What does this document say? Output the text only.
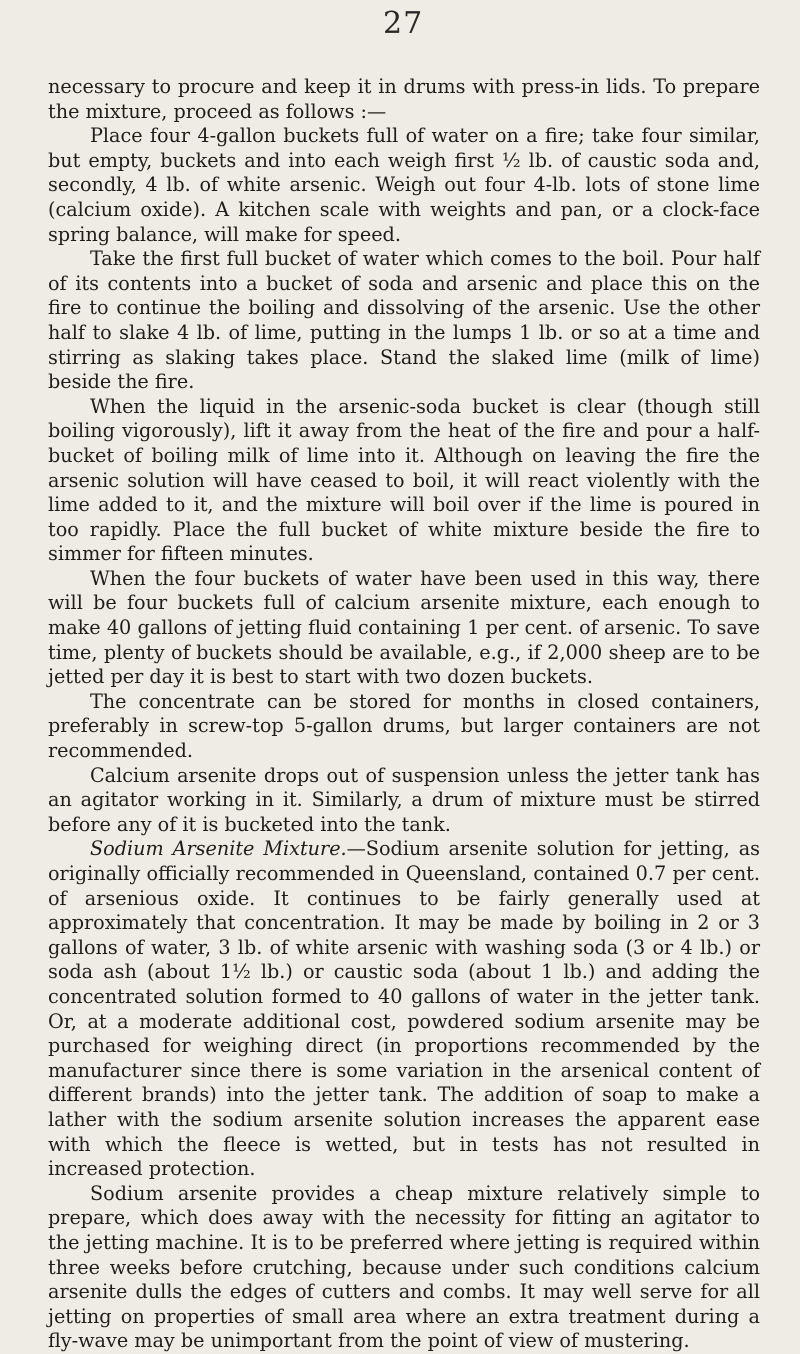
27

necessary to procure and keep it in drums with press-in lids. To prepare the mixture, proceed as follows :—

Place four 4-gallon buckets full of water on a fire; take four similar, but empty, buckets and into each weigh first ½ lb. of caustic soda and, secondly, 4 lb. of white arsenic. Weigh out four 4-lb. lots of stone lime (calcium oxide). A kitchen scale with weights and pan, or a clock-face spring balance, will make for speed.

Take the first full bucket of water which comes to the boil. Pour half of its contents into a bucket of soda and arsenic and place this on the fire to continue the boiling and dissolving of the arsenic. Use the other half to slake 4 lb. of lime, putting in the lumps 1 lb. or so at a time and stirring as slaking takes place. Stand the slaked lime (milk of lime) beside the fire.

When the liquid in the arsenic-soda bucket is clear (though still boiling vigorously), lift it away from the heat of the fire and pour a half-bucket of boiling milk of lime into it. Although on leaving the fire the arsenic solution will have ceased to boil, it will react violently with the lime added to it, and the mixture will boil over if the lime is poured in too rapidly. Place the full bucket of white mixture beside the fire to simmer for fifteen minutes.

When the four buckets of water have been used in this way, there will be four buckets full of calcium arsenite mixture, each enough to make 40 gallons of jetting fluid containing 1 per cent. of arsenic. To save time, plenty of buckets should be available, e.g., if 2,000 sheep are to be jetted per day it is best to start with two dozen buckets.

The concentrate can be stored for months in closed containers, preferably in screw-top 5-gallon drums, but larger containers are not recommended.

Calcium arsenite drops out of suspension unless the jetter tank has an agitator working in it. Similarly, a drum of mixture must be stirred before any of it is bucketed into the tank.

Sodium Arsenite Mixture.—Sodium arsenite solution for jetting, as originally officially recommended in Queensland, contained 0.7 per cent. of arsenious oxide. It continues to be fairly generally used at approximately that concentration. It may be made by boiling in 2 or 3 gallons of water, 3 lb. of white arsenic with washing soda (3 or 4 lb.) or soda ash (about 1½ lb.) or caustic soda (about 1 lb.) and adding the concentrated solution formed to 40 gallons of water in the jetter tank. Or, at a moderate additional cost, powdered sodium arsenite may be purchased for weighing direct (in proportions recommended by the manufacturer since there is some variation in the arsenical content of different brands) into the jetter tank. The addition of soap to make a lather with the sodium arsenite solution increases the apparent ease with which the fleece is wetted, but in tests has not resulted in increased protection.

Sodium arsenite provides a cheap mixture relatively simple to prepare, which does away with the necessity for fitting an agitator to the jetting machine. It is to be preferred where jetting is required within three weeks before crutching, because under such conditions calcium arsenite dulls the edges of cutters and combs. It may well serve for all jetting on properties of small area where an extra treatment during a fly-wave may be unimportant from the point of view of mustering.
